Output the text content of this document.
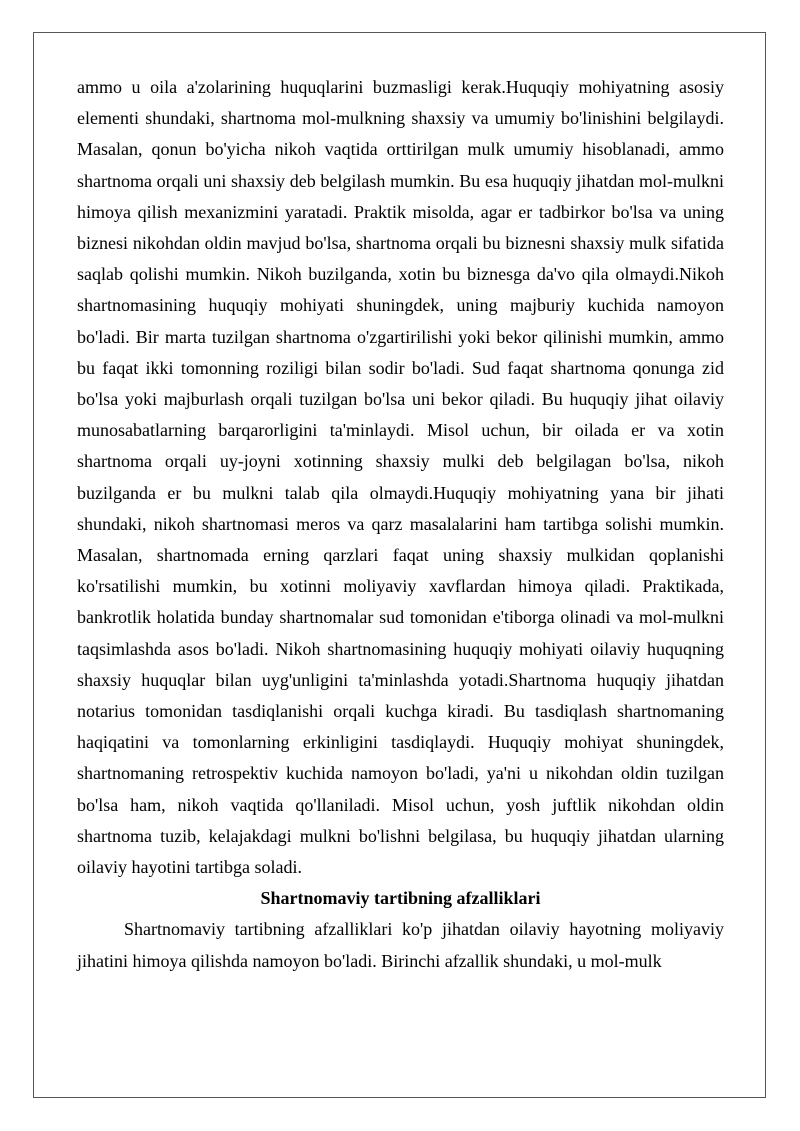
ammo u oila a'zolarining huquqlarini buzmasligi kerak.Huquqiy mohiyatning asosiy elementi shundaki, shartnoma mol-mulkning shaxsiy va umumiy bo'linishini belgilaydi. Masalan, qonun bo'yicha nikoh vaqtida orttirilgan mulk umumiy hisoblanadi, ammo shartnoma orqali uni shaxsiy deb belgilash mumkin. Bu esa huquqiy jihatdan mol-mulkni himoya qilish mexanizmini yaratadi. Praktik misolda, agar er tadbirkor bo'lsa va uning biznesi nikohdan oldin mavjud bo'lsa, shartnoma orqali bu biznesni shaxsiy mulk sifatida saqlab qolishi mumkin. Nikoh buzilganda, xotin bu biznesga da'vo qila olmaydi.Nikoh shartnomasining huquqiy mohiyati shuningdek, uning majburiy kuchida namoyon bo'ladi. Bir marta tuzilgan shartnoma o'zgartirilishi yoki bekor qilinishi mumkin, ammo bu faqat ikki tomonning roziligi bilan sodir bo'ladi. Sud faqat shartnoma qonunga zid bo'lsa yoki majburlash orqali tuzilgan bo'lsa uni bekor qiladi. Bu huquqiy jihat oilaviy munosabatlarning barqarorligini ta'minlaydi. Misol uchun, bir oilada er va xotin shartnoma orqali uy-joyni xotinning shaxsiy mulki deb belgilagan bo'lsa, nikoh buzilganda er bu mulkni talab qila olmaydi.Huquqiy mohiyatning yana bir jihati shundaki, nikoh shartnomasi meros va qarz masalalarini ham tartibga solishi mumkin. Masalan, shartnomada erning qarzlari faqat uning shaxsiy mulkidan qoplanishi ko'rsatilishi mumkin, bu xotinni moliyaviy xavflardan himoya qiladi. Praktikada, bankrotlik holatida bunday shartnomalar sud tomonidan e'tiborga olinadi va mol-mulkni taqsimlashda asos bo'ladi. Nikoh shartnomasining huquqiy mohiyati oilaviy huquqning shaxsiy huquqlar bilan uyg'unligini ta'minlashda yotadi.Shartnoma huquqiy jihatdan notarius tomonidan tasdiqlanishi orqali kuchga kiradi. Bu tasdiqlash shartnomaning haqiqatini va tomonlarning erkinligini tasdiqlaydi. Huquqiy mohiyat shuningdek, shartnomaning retrospektiv kuchida namoyon bo'ladi, ya'ni u nikohdan oldin tuzilgan bo'lsa ham, nikoh vaqtida qo'llaniladi. Misol uchun, yosh juftlik nikohdan oldin shartnoma tuzib, kelajakdagi mulkni bo'lishni belgilasa, bu huquqiy jihatdan ularning oilaviy hayotini tartibga soladi.

Shartnomaviy tartibning afzalliklari

Shartnomaviy tartibning afzalliklari ko'p jihatdan oilaviy hayotning moliyaviy jihatini himoya qilishda namoyon bo'ladi. Birinchi afzallik shundaki, u mol-mulk
